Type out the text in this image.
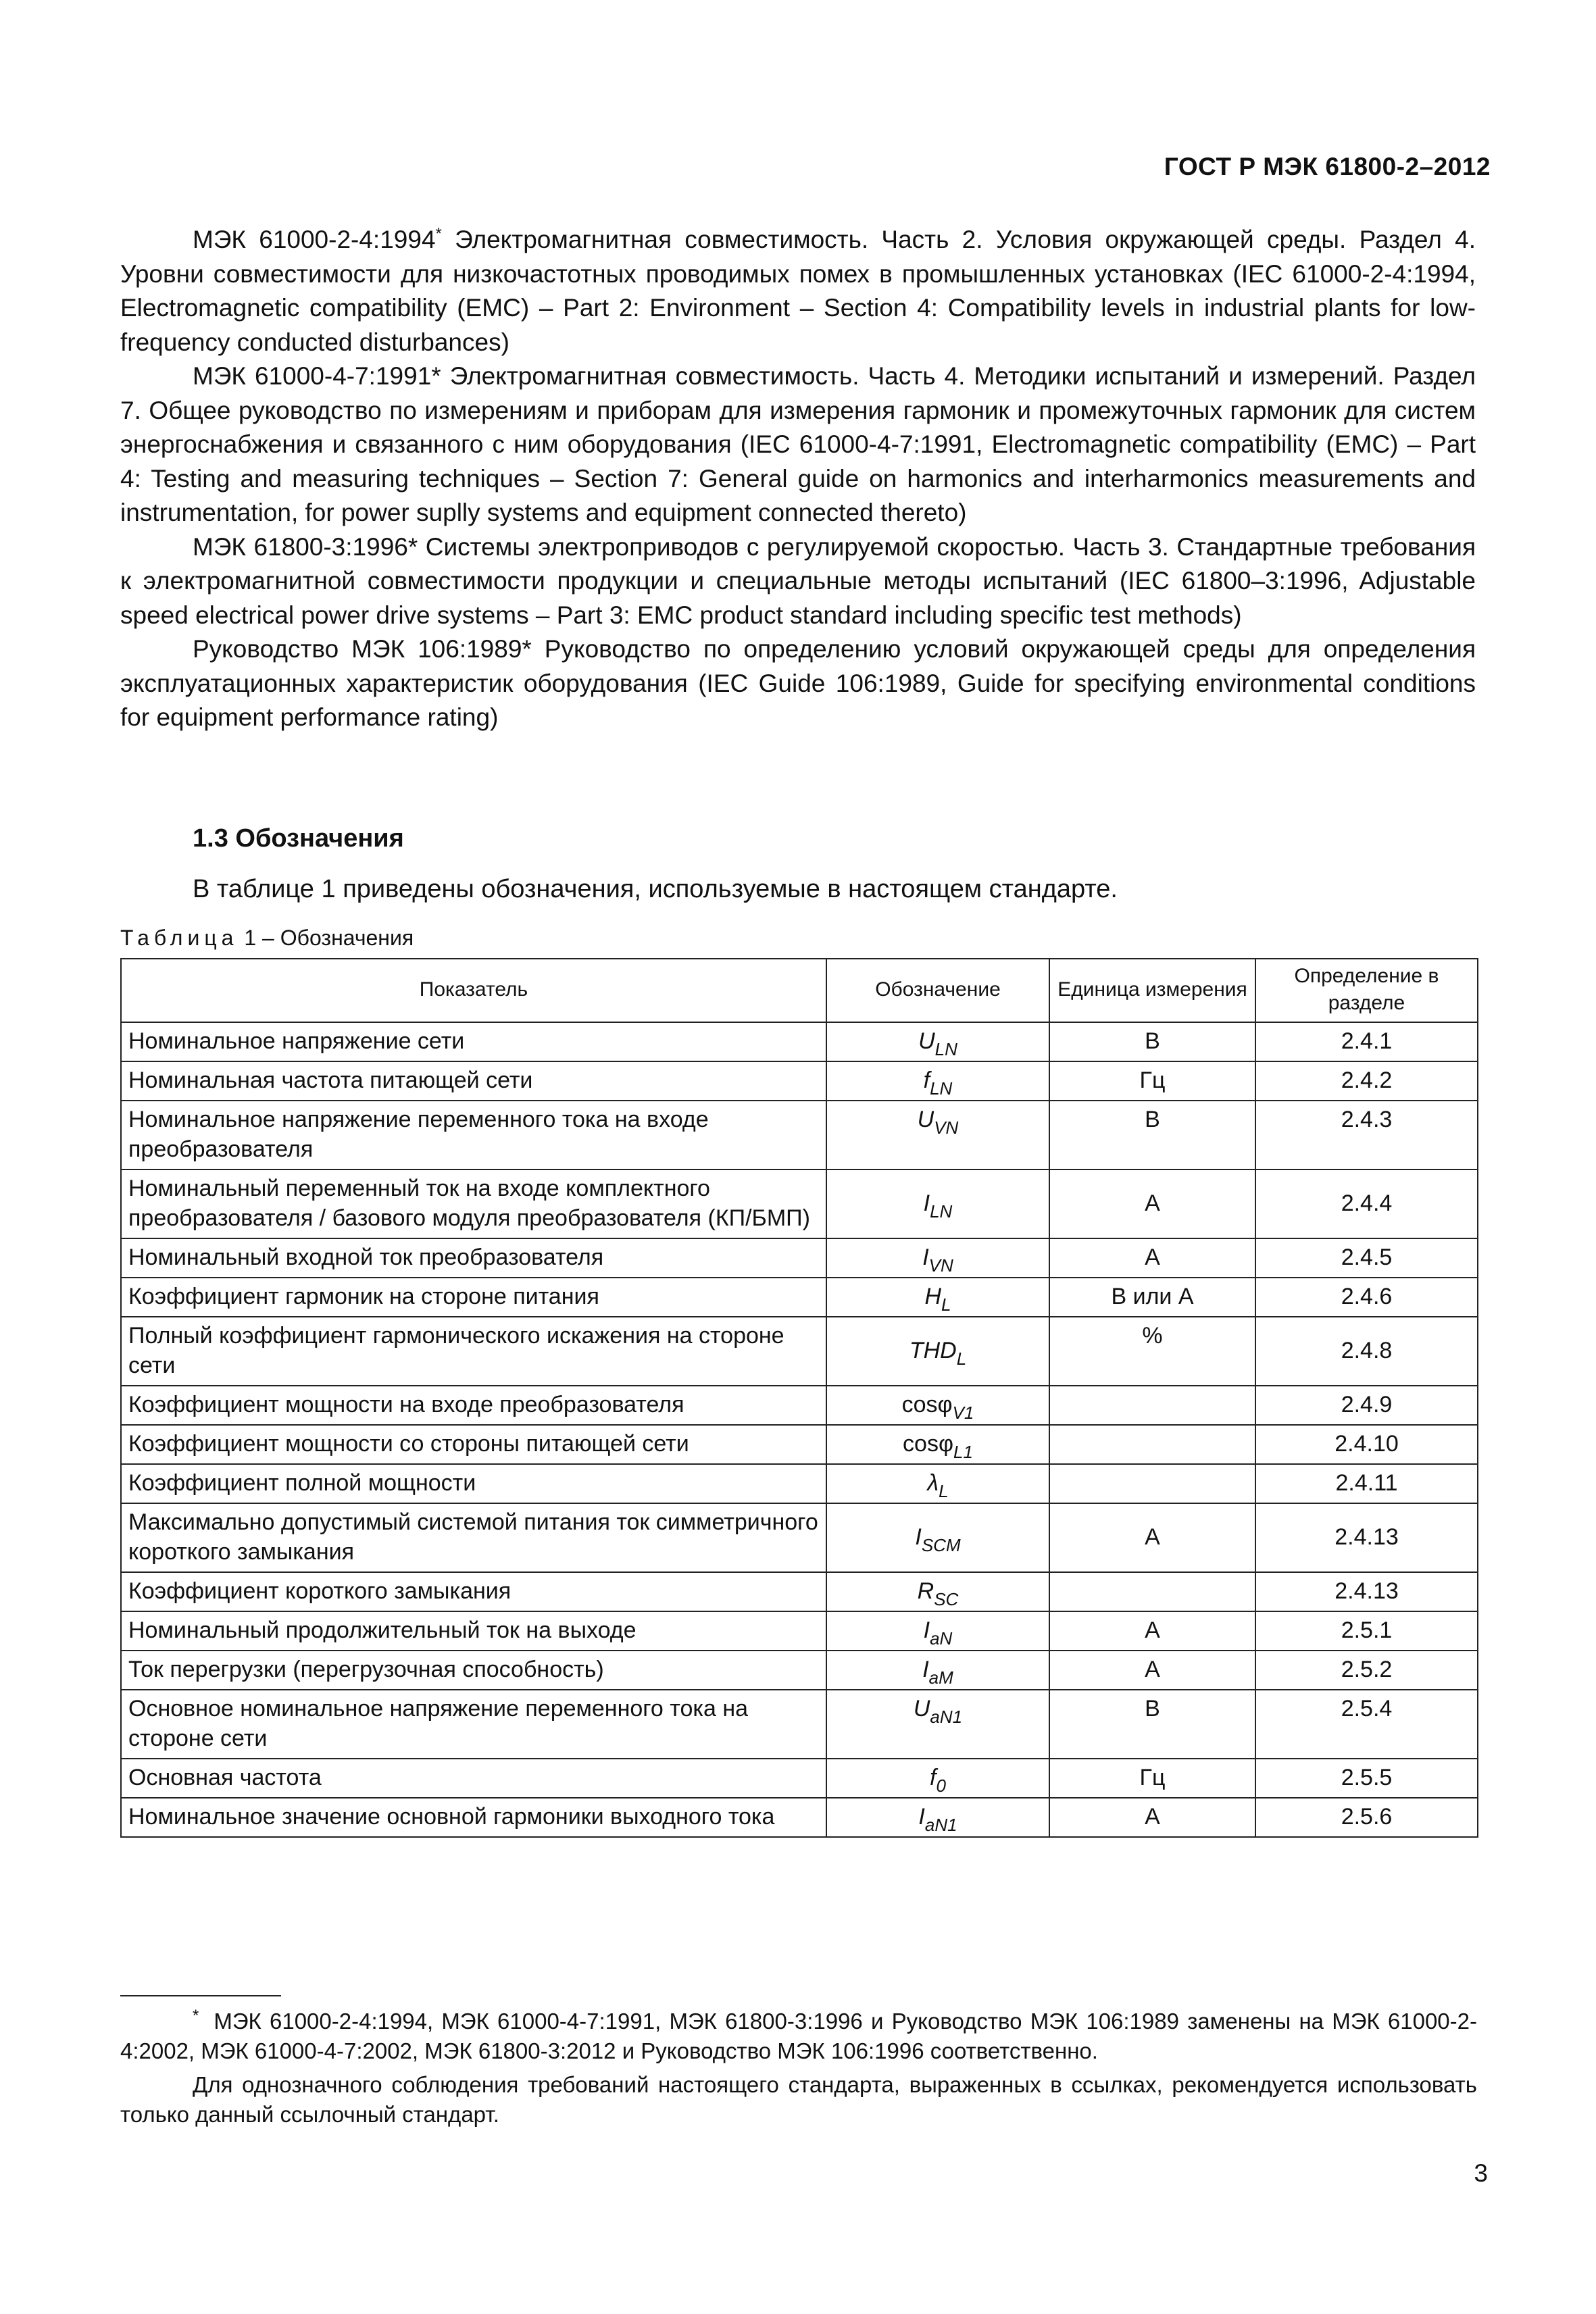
ГОСТ Р МЭК 61800-2–2012

МЭК 61000-2-4:1994* Электромагнитная совместимость. Часть 2. Условия окружающей среды. Раздел 4. Уровни совместимости для низкочастотных проводимых помех в промышленных установках (IEC 61000-2-4:1994, Electromagnetic compatibility (EMC) – Part 2: Environment – Section 4: Compatibility levels in industrial plants for low-frequency conducted disturbances)

МЭК 61000-4-7:1991* Электромагнитная совместимость. Часть 4. Методики испытаний и измерений. Раздел 7. Общее руководство по измерениям и приборам для измерения гармоник и промежуточных гармоник для систем энергоснабжения и связанного с ним оборудования (IEC 61000-4-7:1991, Electromagnetic compatibility (EMC) – Part 4: Testing and measuring techniques – Section 7: General guide on harmonics and interharmonics measurements and instrumentation, for power suplly systems and equipment connected thereto)

МЭК 61800-3:1996* Системы электроприводов с регулируемой скоростью. Часть 3. Стандартные требования к электромагнитной совместимости продукции и специальные методы испытаний (IEC 61800–3:1996, Adjustable speed electrical power drive systems – Part 3: EMC product standard including specific test methods)

Руководство МЭК 106:1989* Руководство по определению условий окружающей среды для определения эксплуатационных характеристик оборудования (IEC Guide 106:1989, Guide for specifying environmental conditions for equipment performance rating)

1.3 Обозначения

В таблице 1 приведены обозначения, используемые в настоящем стандарте.

Таблица 1 – Обозначения

Показатель	Обозначение	Единица измерения	Определение в разделе
Номинальное напряжение сети	$U_{LN}$	В	2.4.1
Номинальная частота питающей сети	$f_{LN}$	Гц	2.4.2
Номинальное напряжение переменного тока на входе преобразователя	$U_{VN}$	В	2.4.3
Номинальный переменный ток на входе комплектного преобразователя / базового модуля преобразователя (КП/БМП)	$I_{LN}$	А	2.4.4
Номинальный входной ток преобразователя	$I_{VN}$	А	2.4.5
Коэффициент гармоник на стороне питания	$H_L$	В или А	2.4.6
Полный коэффициент гармонического искажения на стороне сети	$THD_L$	%	2.4.8
Коэффициент мощности на входе преобразователя	cosφ$_{V1}$		2.4.9
Коэффициент мощности со стороны питающей сети	cosφ$_{L1}$		2.4.10
Коэффициент полной мощности	$\lambda_L$		2.4.11
Максимально допустимый системой питания ток симметричного короткого замыкания	$I_{SCM}$	А	2.4.13
Коэффициент короткого замыкания	$R_{SC}$		2.4.13
Номинальный продолжительный ток на выходе	$I_{aN}$	А	2.5.1
Ток перегрузки (перегрузочная способность)	$I_{aM}$	А	2.5.2
Основное номинальное напряжение переменного тока на стороне сети	$U_{aN1}$	В	2.5.4
Основная частота	$f_0$	Гц	2.5.5
Номинальное значение основной гармоники выходного тока	$I_{aN1}$	А	2.5.6

* МЭК 61000-2-4:1994, МЭК 61000-4-7:1991, МЭК 61800-3:1996 и Руководство МЭК 106:1989 заменены на МЭК 61000-2-4:2002, МЭК 61000-4-7:2002, МЭК 61800-3:2012 и Руководство МЭК 106:1996 соответственно.

Для однозначного соблюдения требований настоящего стандарта, выраженных в ссылках, рекомендуется использовать только данный ссылочный стандарт.

3
